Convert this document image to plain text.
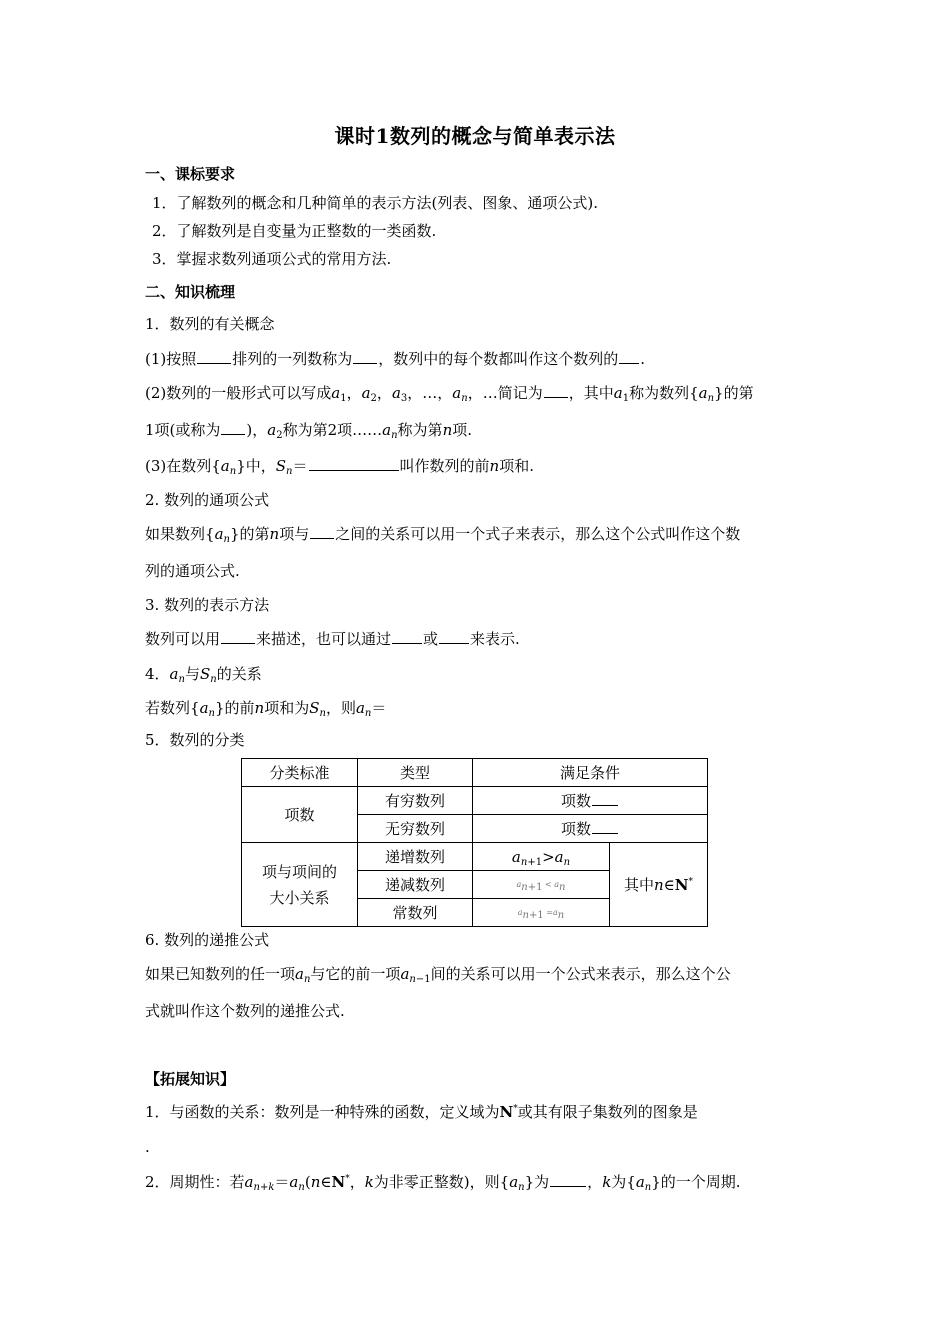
课时1数列的概念与简单表示法
一、课标要求
1．了解数列的概念和几种简单的表示方法(列表、图象、通项公式).
2．了解数列是自变量为正整数的一类函数.
3．掌握求数列通项公式的常用方法.
二、知识梳理
1．数列的有关概念
(1)按照 排列的一列数称为 ，数列中的每个数都叫作这个数列的 .
(2)数列的一般形式可以写成$a_1$，$a_2$，$a_3$，…，$a_n$，…简记为 ，其中$a_1$称为数列$\{a_n\}$的第
1项(或称为 )，$a_2$称为第2项$\dots\dots a_n$称为第n项.
(3)在数列$\{a_n\}$中，$S_n=$	叫作数列的前n项和.
2. 数列的通项公式
如果数列$\{a_n\}$的第n项与 之间的关系可以用一个式子来表示，那么这个公式叫作这个数
列的通项公式.
3. 数列的表示方法
数列可以用 来描述，也可以通过 或 来表示.
4．$a_n$与$S_n$的关系
若数列$\{a_n\}$的前n项和为$S_n$，则$a_n=$
5．数列的分类
分类标准	类型	满足条件	
项数	有穷数列	项数	
	无穷数列	项数	

项与项间的
大小关系	递增数列	$a_{n+1}>a_n$	其中n∈N*
	递减数列	$a_{n+1} < a_n$
	常数列	$a_{n+1} =a_n$
6. 数列的递推公式
如果已知数列的任一项$a_n$与它的前一项$a_{n-1}$间的关系可以用一个公式来表示，那么这个公
式就叫作这个数列的递推公式.
【拓展知识】
1．与函数的关系：数列是一种特殊的函数，定义域为N*或其有限子集数列的图象是
.
2．周期性：若$a_{n+k}=a_n(n\in N^*$，k为非零正整数)，则$\{a_n\}$为	，k为$\{a_n\}$的一个周期.
